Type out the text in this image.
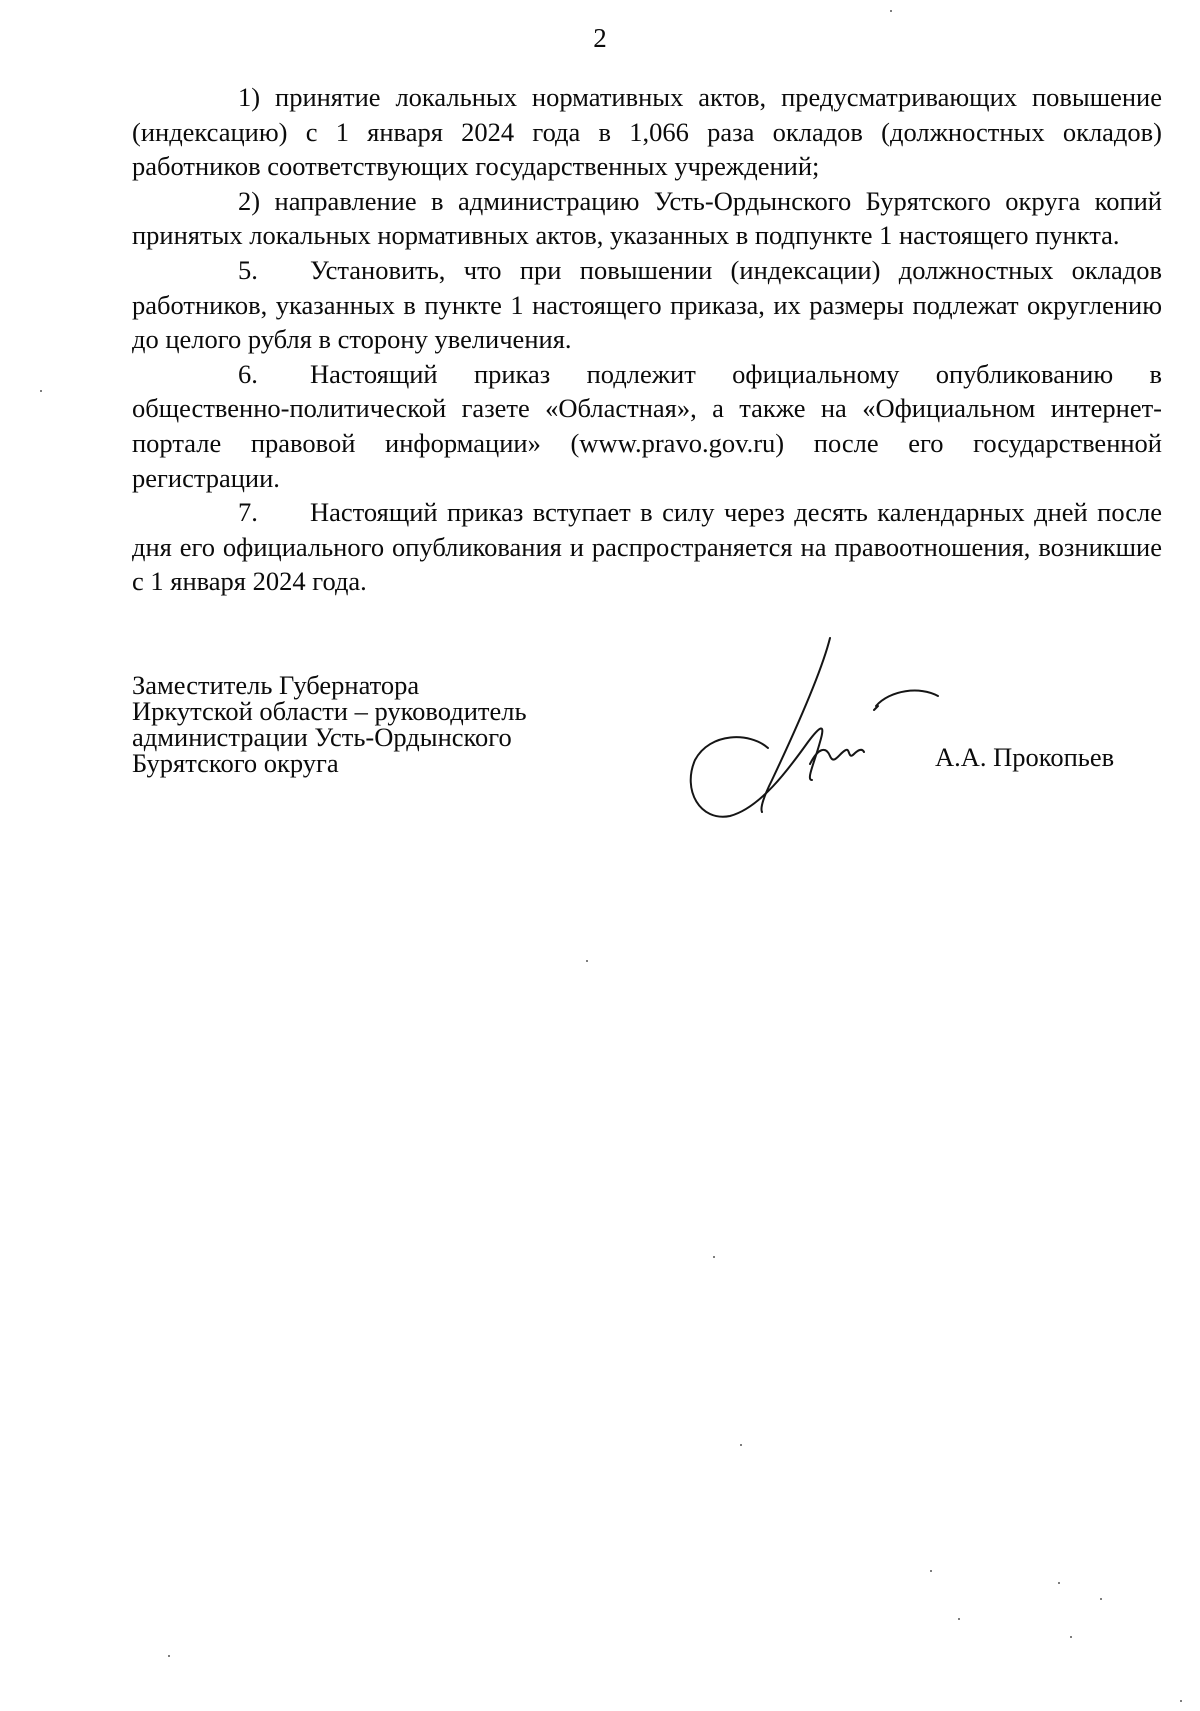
2

1) принятие локальных нормативных актов, предусматривающих повышение (индексацию) с 1 января 2024 года в 1,066 раза окладов (должностных окладов) работников соответствующих государственных учреждений;

2) направление в администрацию Усть-Ордынского Бурятского округа копий принятых локальных нормативных актов, указанных в подпункте 1 настоящего пункта.

5. Установить, что при повышении (индексации) должностных окладов работников, указанных в пункте 1 настоящего приказа, их размеры подлежат округлению до целого рубля в сторону увеличения.

6. Настоящий приказ подлежит официальному опубликованию в общественно-политической газете «Областная», а также на «Официальном интернет-портале правовой информации» (www.pravo.gov.ru) после его государственной регистрации.

7. Настоящий приказ вступает в силу через десять календарных дней после дня его официального опубликования и распространяется на правоотношения, возникшие с 1 января 2024 года.

Заместитель Губернатора
Иркутской области – руководитель
администрации Усть-Ордынского
Бурятского округа	А.А. Прокопьев
